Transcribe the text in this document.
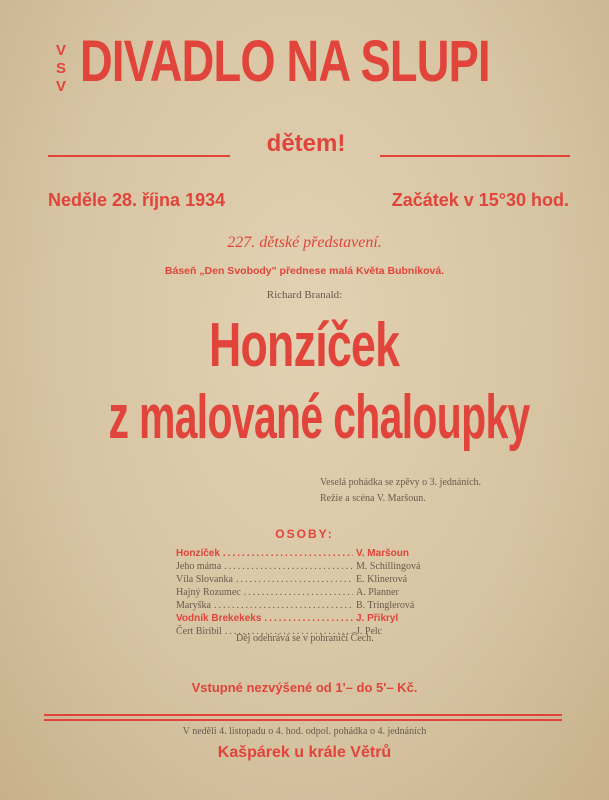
V
S
V DIVADLO NA SLUPI
dětem!
Neděle 28. října 1934	Začátek v 15°30 hod.
227. dětské představení.
Báseň „Den Svobody" přednese malá Květa Bubníková.
Richard Branald:
Honzíček
z malované chaloupky
Veselá pohádka se zpěvy o 3. jednáních.
Režie a scéna V. Maršoun.
OSOBY:
Honzíček .....	V. Maršoun
Jeho máma .....	M. Schillingová
Víla Slovanka .....	E. Klinerová
Hajný Rozumec .....	A. Planner
Maryška .....	B. Tringlerová
Vodník Brekekeks .....	J. Přikryl
Čert Biribil .....	J. Pelc
Děj odehrává se v pohraničí Čech.
Vstupné nezvýšené od 1'– do 5'– Kč.
V neděli 4. listopadu o 4. hod. odpol. pohádka o 4. jednáních
Kašpárek u krále Větrů
